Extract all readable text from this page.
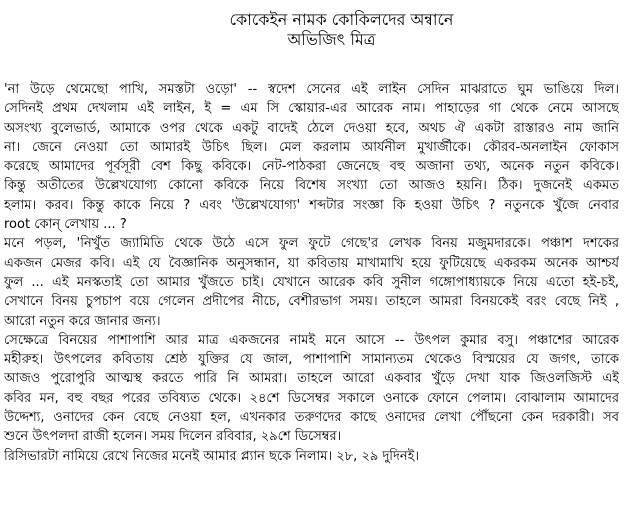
কোকেইন নামক কোকিলদের অন্বানে
অভিজিৎ মিত্র
'না উড়ে থেমেছো পাখি, সমস্তটা ওড়ো' -- স্বদেশ সেনের এই লাইন সেদিন মাঝরাতে ঘুম ভাঙিয়ে দিল।
সেদিনই প্রথম দেখলাম এই লাইন, ই = এম সি স্কোয়ার-এর আরেক নাম। পাহাড়ের গা থেকে নেমে আসছে
অসংখ্য বুলেভার্ড, আমাকে ওপর থেকে একটু বাদেই ঠেলে দেওয়া হবে, অথচ ঐ একটা রাস্তারও নাম জানি
না। জেনে নেওয়া তো আমারই উচিৎ ছিল। মেল করলাম আর্যনীল মুখার্জীকে। কৌরব-অনলাইন ফোকাস
করেছে আমাদের পূর্বসূরী বেশ কিছু কবিকে। নেট-পাঠকরা জেনেছে বহু অজানা তথ্য, অনেক নতুন কবিকে।
কিন্তু অতীতের উল্লেখযোগ্য কোনো কবিকে নিয়ে বিশেষ সংখ্যা তো আজও হয়নি। ঠিক। দুজনেই একমত
হলাম। করব। কিন্তু কাকে নিয়ে ? এবং 'উল্লেখযোগ্য' শব্দটার সংজ্ঞা কি হওয়া উচিৎ ? নতুনকে খুঁজে নেবার
root কোন্ লেখায় ... ?
মনে পড়ল, 'নিখুঁত জ্যামিতি থেকে উঠে এসে ফুল ফুটে গেছে'র লেখক বিনয় মজুমদারকে। পঞ্চাশ দশকের
একজন মেজর কবি। এই যে বৈজ্ঞানিক অনুসন্ধান, যা কবিতায় মাখামাখি হয়ে ফুটিয়েছে একরকম অনেক আশ্চর্য
ফুল ... এই মনস্কতাই তো আমার খুঁজতে চাই। যেখানে আরেক কবি সুনীল গঙ্গোপাধ্যায়কে নিয়ে এতো হই-চই,
সেখানে বিনয় চুপচাপ বয়ে গেলেন প্রদীপের নীচে, বেশীরভাগ সময়। তাহলে আমরা বিনয়কেই বরং বেছে নিই ,
আরো নতুন করে জানার জন্য।
সেক্ষেত্রে বিনয়ের পাশাপাশি আর মাত্র একজনের নামই মনে আসে -- উৎপল কুমার বসু। পঞ্চাশের আরেক
মহীরুহ। উৎপলের কবিতায় শ্রেষ্ঠ যুক্তির যে জাল, পাশাপাশি সামান্যতম থেকেও বিস্ময়ের যে জগৎ, তাকে
আজও পুরোপুরি আত্মস্থ করতে পারি নি আমরা। তাহলে আরো একবার খুঁড়ে দেখা যাক জিওলজিস্ট এই
কবির মন, বহু বছর পরের তবিষ্যত থেকে। ২৪শে ডিসেম্বর সকালে ওনাকে ফোনে পেলাম। বোঝালাম আমাদের
উদ্দেশ্য, ওনাদের কেন বেছে নেওয়া হল, এখনকার তরুণদের কাছে ওনাদের লেখা পৌঁছনো কেন দরকারী। সব
শুনে উৎপলদা রাজী হলেন। সময় দিলেন রবিবার, ২৯শে ডিসেম্বর।
রিসিভারটা নামিয়ে রেখে নিজের মনেই আমার প্ল্যান ছকে নিলাম। ২৮, ২৯ দুদিনই।
